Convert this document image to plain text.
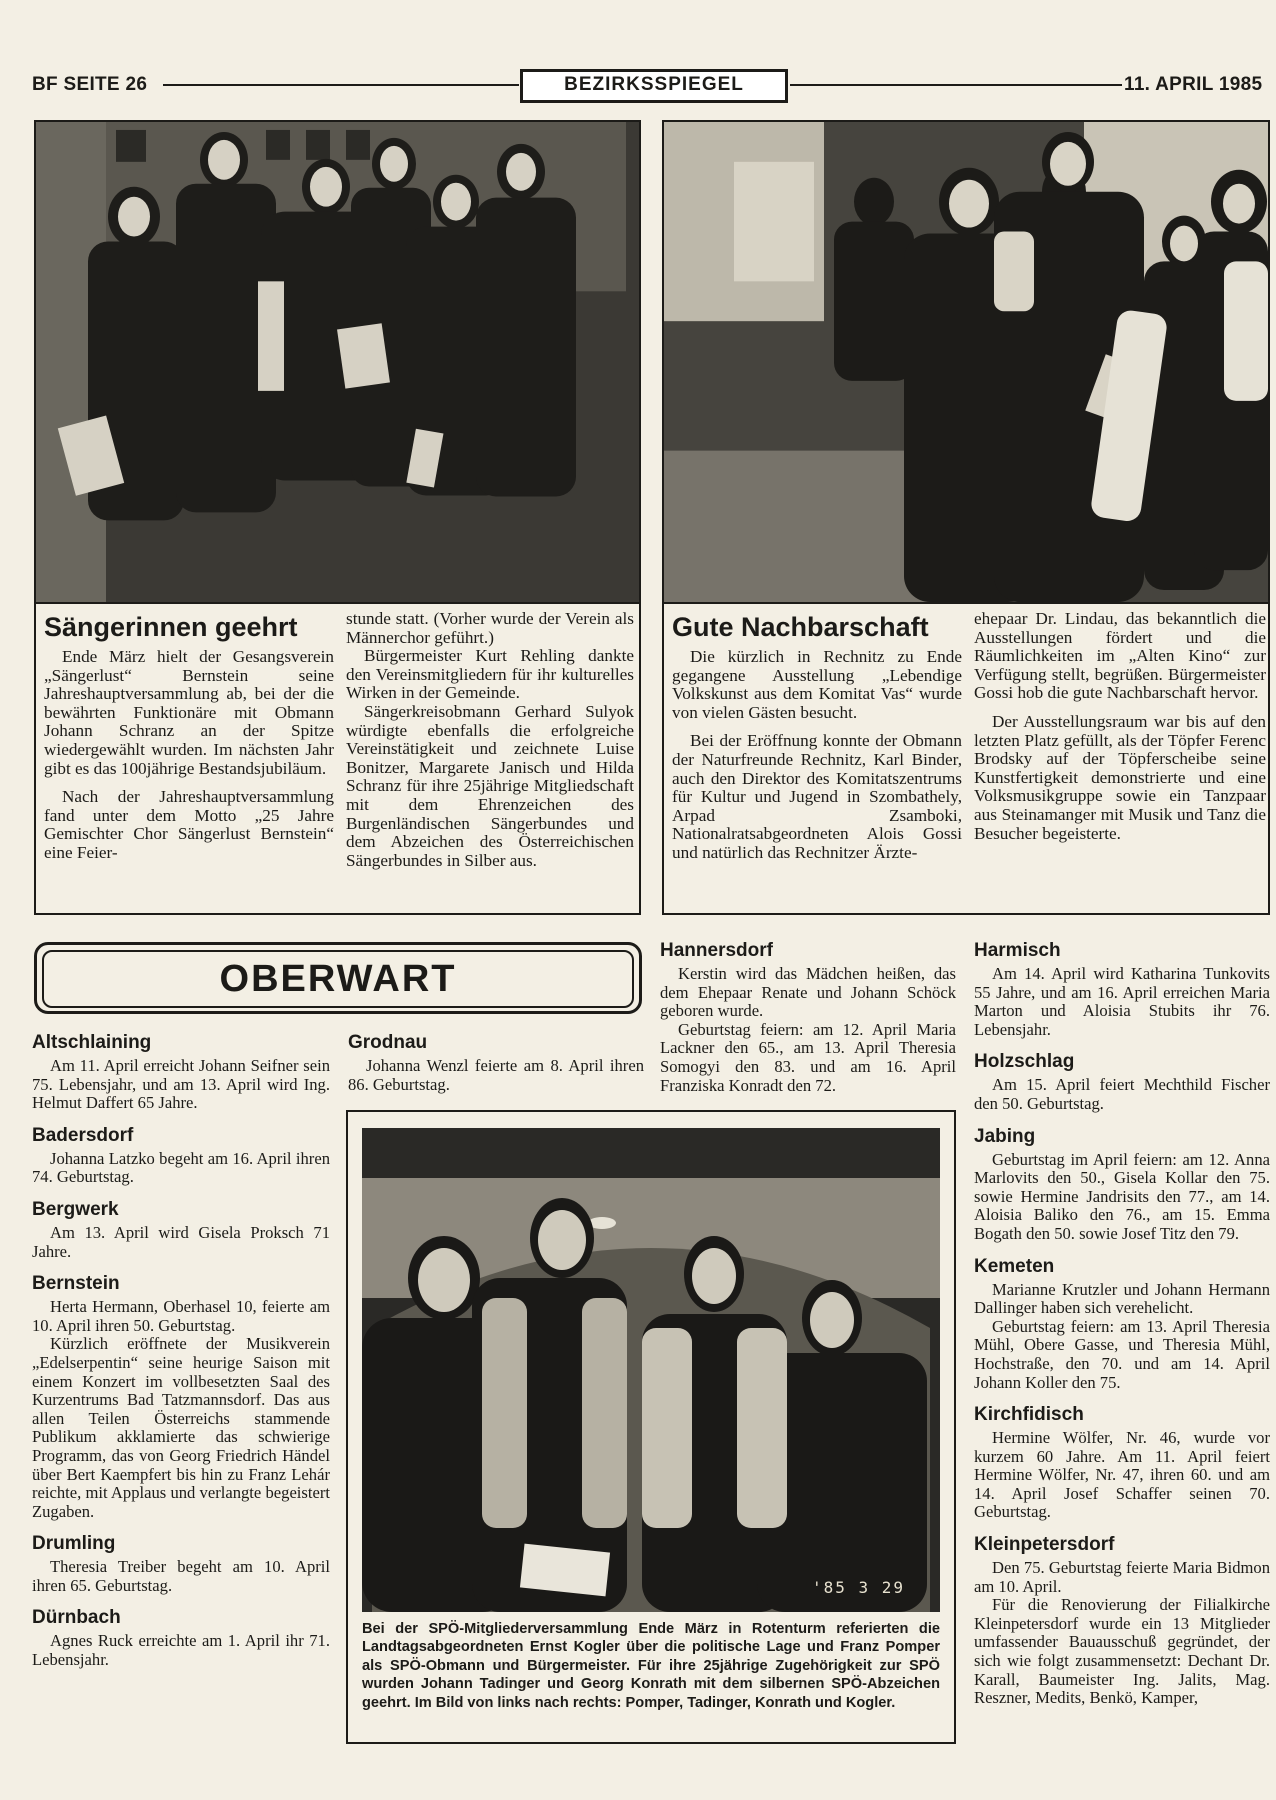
BF SEITE 26	BEZIRKSSPIEGEL	11. APRIL 1985
Sängerinnen geehrt

Ende März hielt der Gesangsverein „Sängerlust“ Bernstein seine Jahreshauptversammlung ab, bei der die bewährten Funktionäre mit Obmann Johann Schranz an der Spitze wiedergewählt wurden. Im nächsten Jahr gibt es das 100jährige Bestandsjubiläum.

Nach der Jahreshauptversammlung fand unter dem Motto „25 Jahre Gemischter Chor Sängerlust Bernstein“ eine Feier-

stunde statt. (Vorher wurde der Verein als Männerchor geführt.)

Bürgermeister Kurt Rehling dankte den Vereinsmitgliedern für ihr kulturelles Wirken in der Gemeinde.

Sängerkreisobmann Gerhard Sulyok würdigte ebenfalls die erfolgreiche Vereinstätigkeit und zeichnete Luise Bonitzer, Margarete Janisch und Hilda Schranz für ihre 25jährige Mitgliedschaft mit dem Ehrenzeichen des Burgenländischen Sängerbundes und dem Abzeichen des Österreichischen Sängerbundes in Silber aus.

Gute Nachbarschaft

Die kürzlich in Rechnitz zu Ende gegangene Ausstellung „Lebendige Volkskunst aus dem Komitat Vas“ wurde von vielen Gästen besucht.

Bei der Eröffnung konnte der Obmann der Naturfreunde Rechnitz, Karl Binder, auch den Direktor des Komitatszentrums für Kultur und Jugend in Szombathely, Arpad Zsamboki, Nationalratsabgeordneten Alois Gossi und natürlich das Rechnitzer Ärzte-

ehepaar Dr. Lindau, das bekanntlich die Ausstellungen fördert und die Räumlichkeiten im „Alten Kino“ zur Verfügung stellt, begrüßen. Bürgermeister Gossi hob die gute Nachbarschaft hervor.

Der Ausstellungsraum war bis auf den letzten Platz gefüllt, als der Töpfer Ferenc Brodsky auf der Töpferscheibe seine Kunstfertigkeit demonstrierte und eine Volksmusikgruppe sowie ein Tanzpaar aus Steinamanger mit Musik und Tanz die Besucher begeisterte.

OBERWART
Altschlaining

Am 11. April erreicht Johann Seifner sein 75. Lebensjahr, und am 13. April wird Ing. Helmut Daffert 65 Jahre.

Badersdorf

Johanna Latzko begeht am 16. April ihren 74. Geburtstag.

Bergwerk

Am 13. April wird Gisela Proksch 71 Jahre.

Bernstein

Herta Hermann, Oberhasel 10, feierte am 10. April ihren 50. Geburtstag.

Kürzlich eröffnete der Musikverein „Edelserpentin“ seine heurige Saison mit einem Konzert im vollbesetzten Saal des Kurzentrums Bad Tatzmannsdorf. Das aus allen Teilen Österreichs stammende Publikum akklamierte das schwierige Programm, das von Georg Friedrich Händel über Bert Kaempfert bis hin zu Franz Lehár reichte, mit Applaus und verlangte begeistert Zugaben.

Drumling

Theresia Treiber begeht am 10. April ihren 65. Geburtstag.

Dürnbach

Agnes Ruck erreichte am 1. April ihr 71. Lebensjahr.

Grodnau

Johanna Wenzl feierte am 8. April ihren 86. Geburtstag.

Hannersdorf

Kerstin wird das Mädchen heißen, das dem Ehepaar Renate und Johann Schöck geboren wurde.

Geburtstag feiern: am 12. April Maria Lackner den 65., am 13. April Theresia Somogyi den 83. und am 16. April Franziska Konradt den 72.

Harmisch

Am 14. April wird Katharina Tunkovits 55 Jahre, und am 16. April erreichen Maria Marton und Aloisia Stubits ihr 76. Lebensjahr.

Holzschlag

Am 15. April feiert Mechthild Fischer den 50. Geburtstag.

Jabing

Geburtstag im April feiern: am 12. Anna Marlovits den 50., Gisela Kollar den 75. sowie Hermine Jandrisits den 77., am 14. Aloisia Baliko den 76., am 15. Emma Bogath den 50. sowie Josef Titz den 79.

Kemeten

Marianne Krutzler und Johann Hermann Dallinger haben sich verehelicht.

Geburtstag feiern: am 13. April Theresia Mühl, Obere Gasse, und Theresia Mühl, Hochstraße, den 70. und am 14. April Johann Koller den 75.

Kirchfidisch

Hermine Wölfer, Nr. 46, wurde vor kurzem 60 Jahre. Am 11. April feiert Hermine Wölfer, Nr. 47, ihren 60. und am 14. April Josef Schaffer seinen 70. Geburtstag.

Kleinpetersdorf

Den 75. Geburtstag feierte Maria Bidmon am 10. April.

Für die Renovierung der Filialkirche Kleinpetersdorf wurde ein 13 Mitglieder umfassender Bauausschuß gegründet, der sich wie folgt zusammensetzt: Dechant Dr. Karall, Baumeister Ing. Jalits, Mag. Reszner, Medits, Benkö, Kamper,

'85 3 29
Bei der SPÖ-Mitgliederversammlung Ende März in Rotenturm referierten die Landtagsabgeordneten Ernst Kogler über die politische Lage und Franz Pomper als SPÖ-Obmann und Bürgermeister. Für ihre 25jährige Zugehörigkeit zur SPÖ wurden Johann Tadinger und Georg Konrath mit dem silbernen SPÖ-Abzeichen geehrt. Im Bild von links nach rechts: Pomper, Tadinger, Konrath und Kogler.
